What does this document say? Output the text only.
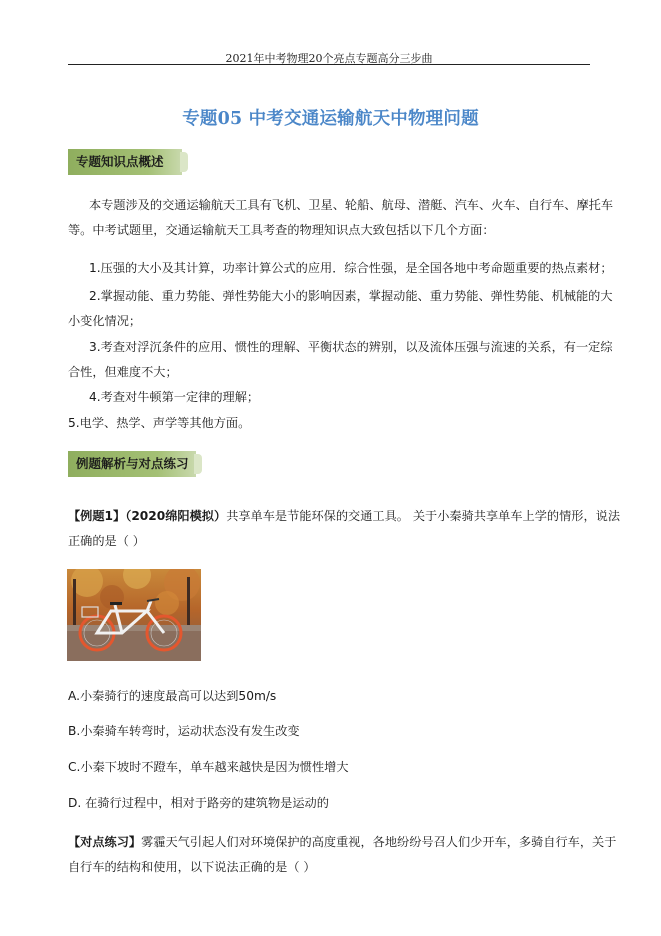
2021年中考物理20个亮点专题高分三步曲
专题05 中考交通运输航天中物理问题
专题知识点概述
本专题涉及的交通运输航天工具有飞机、卫星、轮船、航母、潜艇、汽车、火车、自行车、摩托车
等。中考试题里，交通运输航天工具考查的物理知识点大致包括以下几个方面：
1.压强的大小及其计算，功率计算公式的应用．综合性强，是全国各地中考命题重要的热点素材；
2.掌握动能、重力势能、弹性势能大小的影响因素，掌握动能、重力势能、弹性势能、机械能的大
小变化情况；
3.考查对浮沉条件的应用、惯性的理解、平衡状态的辨别，以及流体压强与流速的关系，有一定综
合性，但难度不大；
4.考查对牛顿第一定律的理解；
5.电学、热学、声学等其他方面。
例题解析与对点练习
【例题1】（2020绵阳模拟）共享单车是节能环保的交通工具。 关于小秦骑共享单车上学的情形，说法
正确的是（ ）
A.小秦骑行的速度最高可以达到50m/s
B.小秦骑车转弯时，运动状态没有发生改变
C.小秦下坡时不蹬车，单车越来越快是因为惯性增大
D. 在骑行过程中，相对于路旁的建筑物是运动的
【对点练习】雾霾天气引起人们对环境保护的高度重视，各地纷纷号召人们少开车，多骑自行车，关于
自行车的结构和使用，以下说法正确的是（ ）
